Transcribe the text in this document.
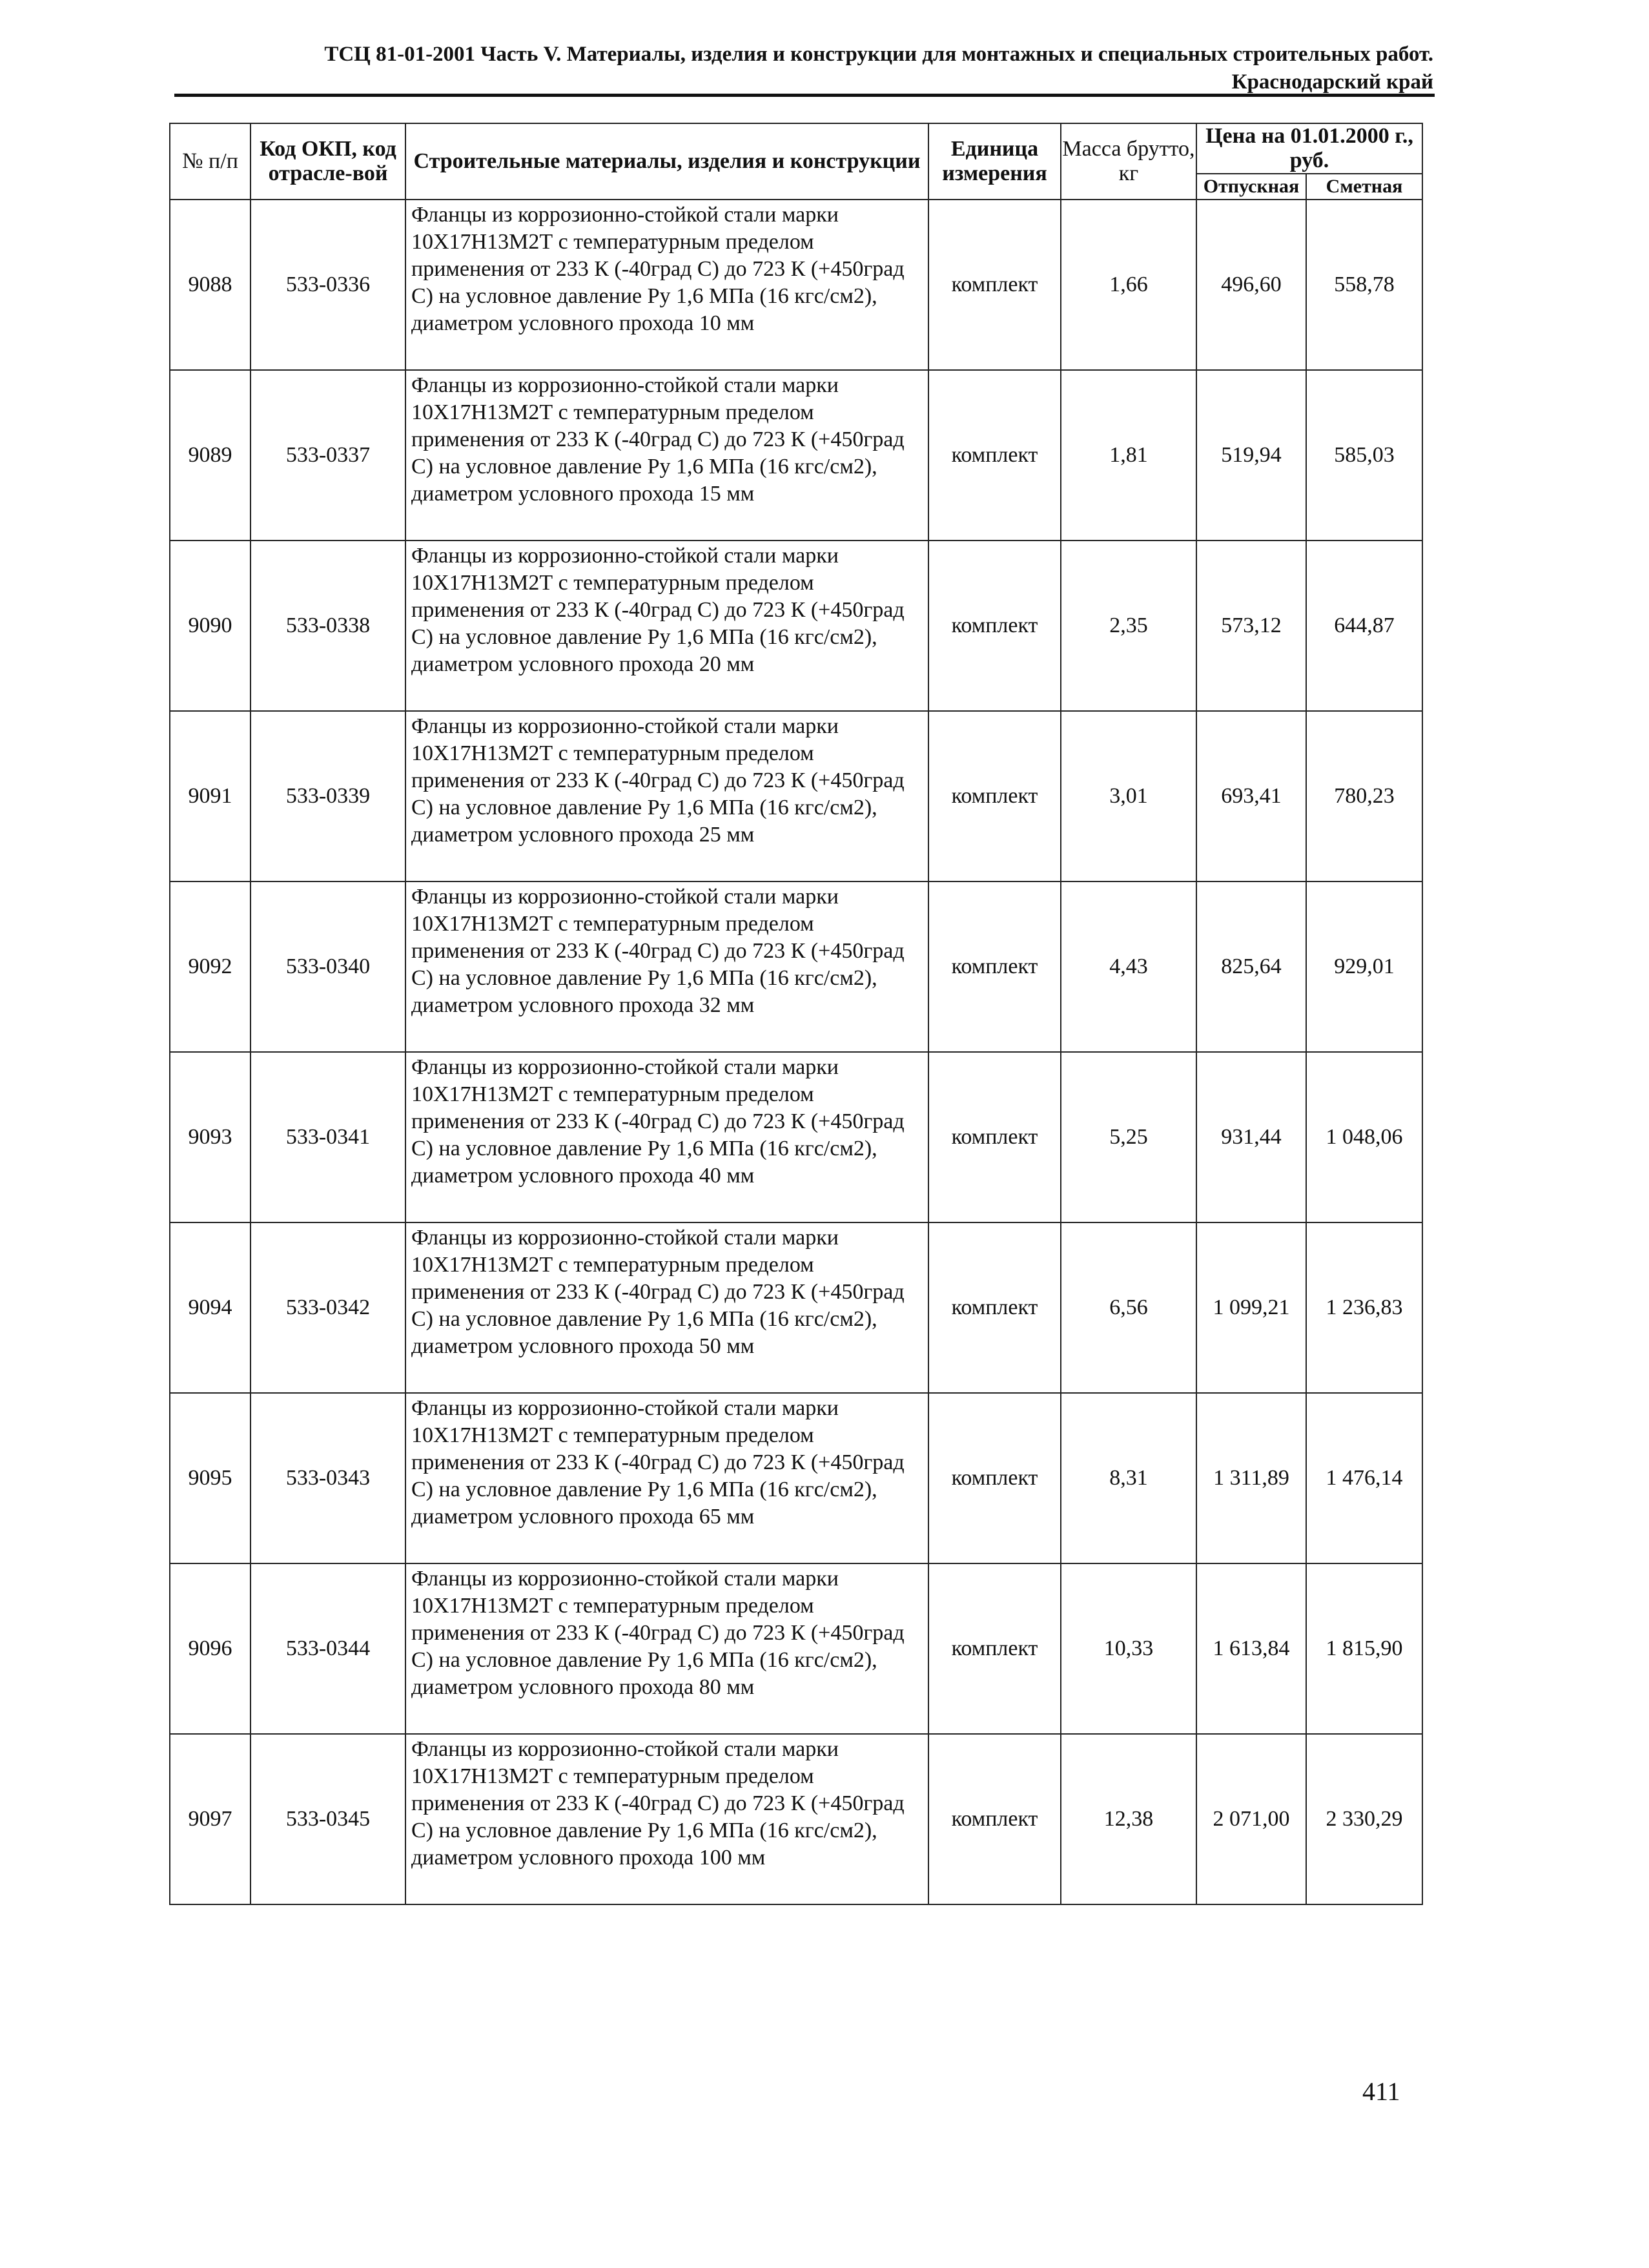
ТСЦ 81-01-2001 Часть V. Материалы, изделия и конструкции для монтажных и специальных строительных работ.
Краснодарский край
№ п/п	Код ОКП, код отрасле-вой	Строительные материалы, изделия и конструкции	Единица измерения	Масса брутто, кг	Цена на 01.01.2000 г., руб.	
					Отпускная	Сметная
9088	533-0336	Фланцы из коррозионно-стойкой стали марки 10Х17Н13М2Т с температурным пределом применения от 233 К (-40град С) до 723 К (+450град С) на условное давление Ру 1,6 МПа (16 кгс/см2), диаметром условного прохода 10 мм	комплект	1,66	496,60	558,78
9089	533-0337	Фланцы из коррозионно-стойкой стали марки 10Х17Н13М2Т с температурным пределом применения от 233 К (-40град С) до 723 К (+450град С) на условное давление Ру 1,6 МПа (16 кгс/см2), диаметром условного прохода 15 мм	комплект	1,81	519,94	585,03
9090	533-0338	Фланцы из коррозионно-стойкой стали марки 10Х17Н13М2Т с температурным пределом применения от 233 К (-40град С) до 723 К (+450град С) на условное давление Ру 1,6 МПа (16 кгс/см2), диаметром условного прохода 20 мм	комплект	2,35	573,12	644,87
9091	533-0339	Фланцы из коррозионно-стойкой стали марки 10Х17Н13М2Т с температурным пределом применения от 233 К (-40град С) до 723 К (+450град С) на условное давление Ру 1,6 МПа (16 кгс/см2), диаметром условного прохода 25 мм	комплект	3,01	693,41	780,23
9092	533-0340	Фланцы из коррозионно-стойкой стали марки 10Х17Н13М2Т с температурным пределом применения от 233 К (-40град С) до 723 К (+450град С) на условное давление Ру 1,6 МПа (16 кгс/см2), диаметром условного прохода 32 мм	комплект	4,43	825,64	929,01
9093	533-0341	Фланцы из коррозионно-стойкой стали марки 10Х17Н13М2Т с температурным пределом применения от 233 К (-40град С) до 723 К (+450град С) на условное давление Ру 1,6 МПа (16 кгс/см2), диаметром условного прохода 40 мм	комплект	5,25	931,44	1 048,06
9094	533-0342	Фланцы из коррозионно-стойкой стали марки 10Х17Н13М2Т с температурным пределом применения от 233 К (-40град С) до 723 К (+450град С) на условное давление Ру 1,6 МПа (16 кгс/см2), диаметром условного прохода 50 мм	комплект	6,56	1 099,21	1 236,83
9095	533-0343	Фланцы из коррозионно-стойкой стали марки 10Х17Н13М2Т с температурным пределом применения от 233 К (-40град С) до 723 К (+450град С) на условное давление Ру 1,6 МПа (16 кгс/см2), диаметром условного прохода 65 мм	комплект	8,31	1 311,89	1 476,14
9096	533-0344	Фланцы из коррозионно-стойкой стали марки 10Х17Н13М2Т с температурным пределом применения от 233 К (-40град С) до 723 К (+450град С) на условное давление Ру 1,6 МПа (16 кгс/см2), диаметром условного прохода 80 мм	комплект	10,33	1 613,84	1 815,90
9097	533-0345	Фланцы из коррозионно-стойкой стали марки 10Х17Н13М2Т с температурным пределом применения от 233 К (-40град С) до 723 К (+450град С) на условное давление Ру 1,6 МПа (16 кгс/см2), диаметром условного прохода 100 мм	комплект	12,38	2 071,00	2 330,29
411
